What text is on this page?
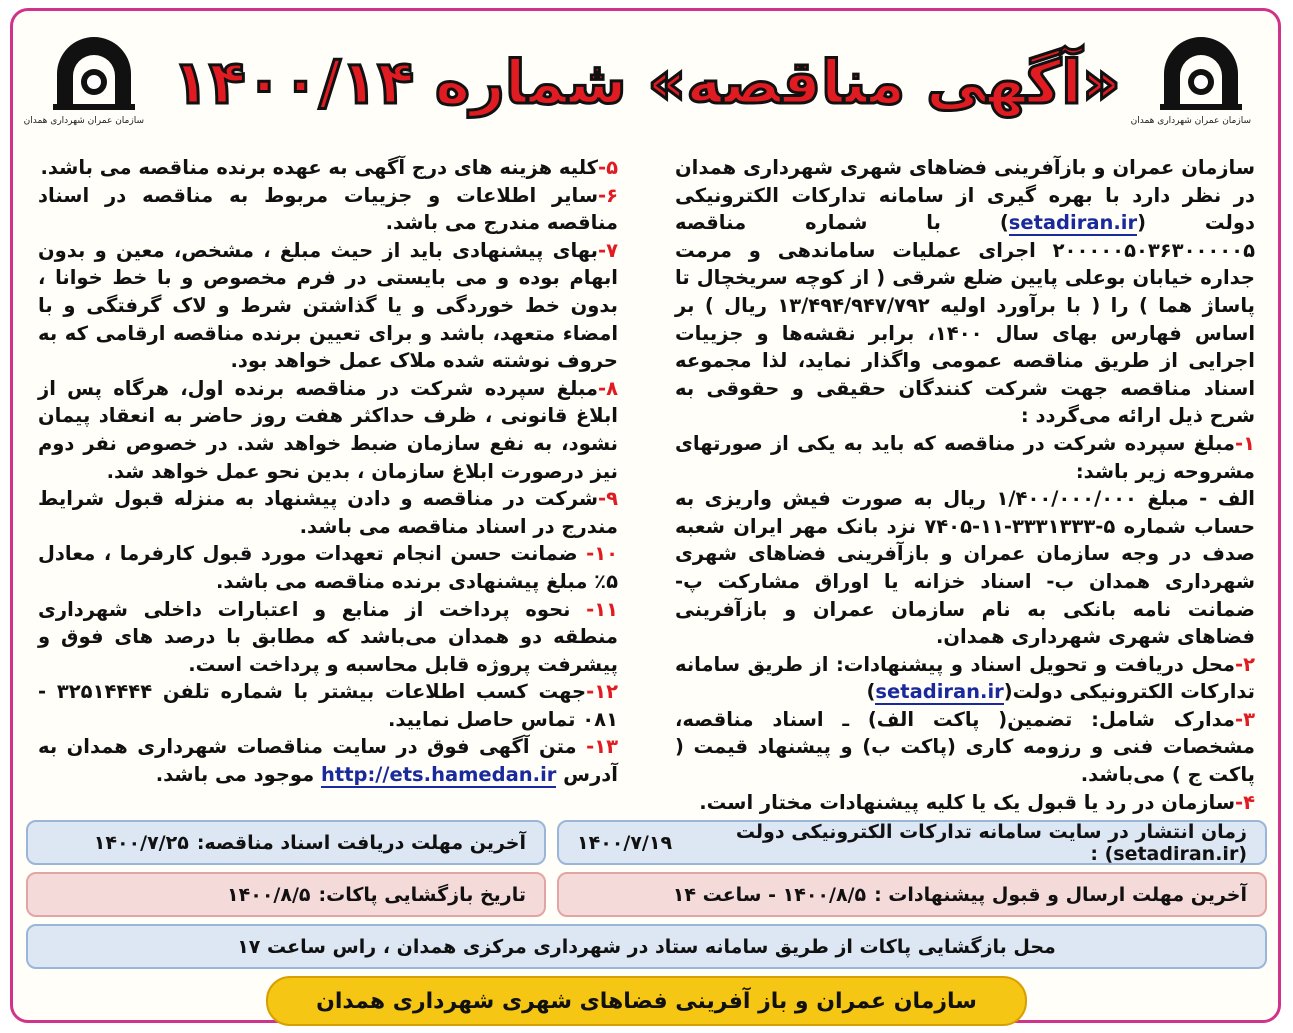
سازمان عمران شهرداری همدان
«آگهی مناقصه» شماره ۱۴۰۰/۱۴
سازمان عمران شهرداری همدان

سازمان عمران و بازآفرینی فضاهای شهری شهرداری همدان در نظر دارد با بهره گیری از سامانه تدارکات الکترونیکی دولت (setadiran.ir) با شماره مناقصه ۲۰۰۰۰۰۵۰۳۶۳۰۰۰۰۰۵ اجرای عملیات ساماندهی و مرمت جداره خیابان بوعلی پایین ضلع شرقی ( از کوچه سریخچال تا پاساژ هما ) را ( با برآورد اولیه ۱۳/۴۹۴/۹۴۷/۷۹۲ ریال ) بر اساس فهارس بهای سال ۱۴۰۰، برابر نقشه‌ها و جزییات اجرایی از طریق مناقصه عمومی واگذار نماید، لذا مجموعه اسناد مناقصه جهت شرکت کنندگان حقیقی و حقوقی به شرح ذیل ارائه می‌گردد :

۱-مبلغ سپرده شرکت در مناقصه که باید به یکی از صورتهای مشروحه زیر باشد:

الف - مبلغ ۱/۴۰۰/۰۰۰/۰۰۰ ریال به صورت فیش واریزی به حساب شماره ۵-۳۳۳۱۳۳۳-۱۱-۷۴۰۵ نزد بانک مهر ایران شعبه صدف در وجه سازمان عمران و بازآفرینی فضاهای شهری شهرداری همدان ب- اسناد خزانه یا اوراق مشارکت پ- ضمانت نامه بانکی به نام سازمان عمران و بازآفرینی فضاهای شهری شهرداری همدان.

۲-محل دریافت و تحویل اسناد و پیشنهادات: از طریق سامانه تدارکات الکترونیکی دولت(setadiran.ir)

۳-مدارک شامل: تضمین( پاکت الف) ـ اسناد مناقصه، مشخصات فنی و رزومه کاری (پاکت ب) و پیشنهاد قیمت ( پاکت ج ) می‌باشد.

۴-سازمان در رد یا قبول یک یا کلیه پیشنهادات مختار است.

۵-کلیه هزینه های درج آگهی به عهده برنده مناقصه می باشد.

۶-سایر اطلاعات و جزییات مربوط به مناقصه در اسناد مناقصه مندرج می باشد.

۷-بهای پیشنهادی باید از حیث مبلغ ، مشخص، معین و بدون ابهام بوده و می بایستی در فرم مخصوص و با خط خوانا ، بدون خط خوردگی و یا گذاشتن شرط و لاک گرفتگی و با امضاء متعهد، باشد و برای تعیین برنده مناقصه ارقامی که به حروف نوشته شده ملاک عمل خواهد بود.

۸-مبلغ سپرده شرکت در مناقصه برنده اول، هرگاه پس از ابلاغ قانونی ، ظرف حداکثر هفت روز حاضر به انعقاد پیمان نشود، به نفع سازمان ضبط خواهد شد. در خصوص نفر دوم نیز درصورت ابلاغ سازمان ، بدین نحو عمل خواهد شد.

۹-شرکت در مناقصه و دادن پیشنهاد به منزله قبول شرایط مندرج در اسناد مناقصه می باشد.

۱۰- ضمانت حسن انجام تعهدات مورد قبول کارفرما ، معادل ۵٪ مبلغ پیشنهادی برنده مناقصه می باشد.

۱۱- نحوه پرداخت از منابع و اعتبارات داخلی شهرداری منطقه دو همدان می‌باشد که مطابق با درصد های فوق و پیشرفت پروژه قابل محاسبه و پرداخت است.

۱۲-جهت کسب اطلاعات بیشتر با شماره تلفن ۳۲۵۱۴۴۴۴ - ۰۸۱ تماس حاصل نمایید.

۱۳- متن آگهی فوق در سایت مناقصات شهرداری همدان به آدرس http://ets.hamedan.ir موجود می باشد.

زمان انتشار در سایت سامانه تدارکات الکترونیکی دولت (setadiran.ir) :
۱۴۰۰/۷/۱۹
آخرین مهلت دریافت اسناد مناقصه:
۱۴۰۰/۷/۲۵
آخرین مهلت ارسال و قبول پیشنهادات :
۱۴۰۰/۸/۵ - ساعت ۱۴
تاریخ بازگشایی پاکات:
۱۴۰۰/۸/۵
محل بازگشایی پاکات از طریق سامانه ستاد در شهرداری مرکزی همدان ، راس ساعت ۱۷
سازمان عمران و باز آفرینی فضاهای شهری شهرداری همدان
